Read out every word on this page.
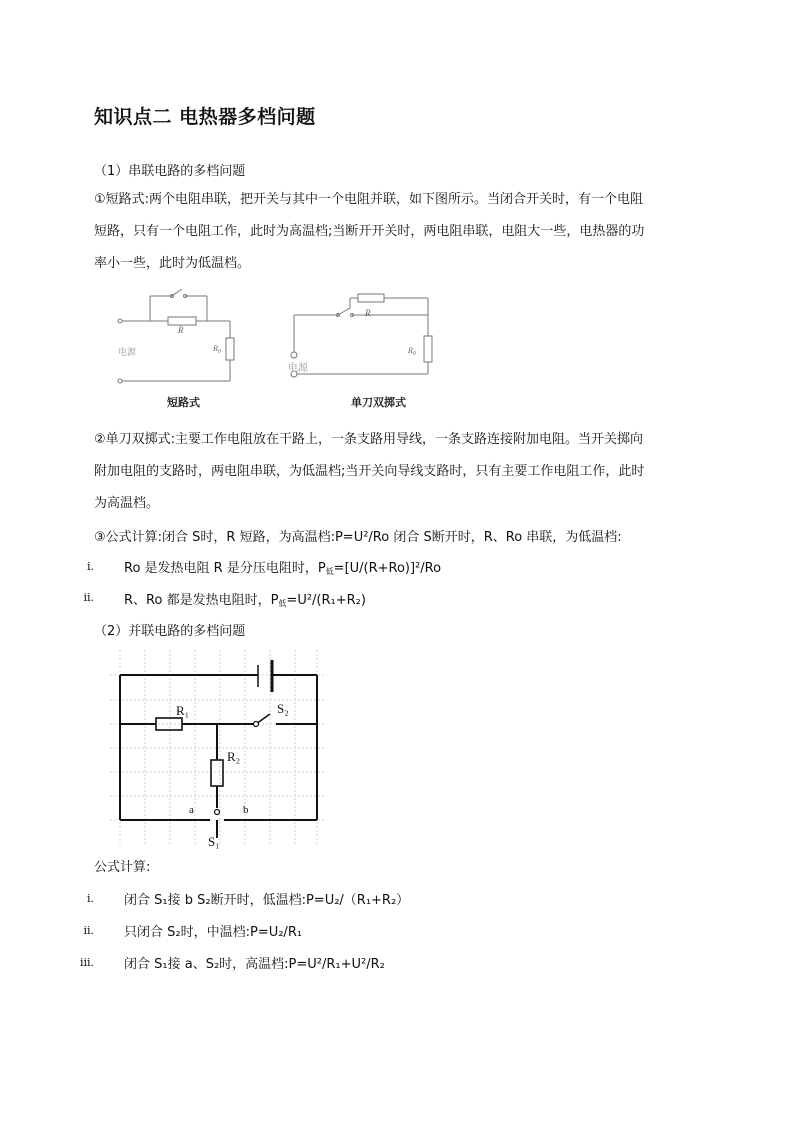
知识点二 电热器多档问题

（1）串联电路的多档问题

①短路式:两个电阻串联，把开关与其中一个电阻并联，如下图所示。当闭合开关时，有一个电阻
短路，只有一个电阻工作，此时为高温档;当断开开关时，两电阻串联，电阻大一些，电热器的功
率小一些，此时为低温档。
R
$R_0$
电源
R
$R_0$
电源
短路式	单刀双掷式
②单刀双掷式:主要工作电阻放在干路上，一条支路用导线，一条支路连接附加电阻。当开关掷向
附加电阻的支路时，两电阻串联，为低温档;当开关向导线支路时，只有主要工作电阻工作，此时
为高温档。

③公式计算:闭合 S时，R 短路，为高温档:P=U²/Ro 闭合 S断开时，R、Ro 串联，为低温档:

i. Ro 是发热电阻 R 是分压电阻时，P低=[U/(R+Ro)]²/Ro
ii. R、Ro 都是发热电阻时，P低=U²/(R₁+R₂)

（2）并联电路的多档问题

R₁	S₂
R₂
a	b
S₁

公式计算:

i. 闭合 S₁接 b S₂断开时，低温档:P=U₂/（R₁+R₂）
ii. 只闭合 S₂时，中温档:P=U₂/R₁
iii. 闭合 S₁接 a、S₂时，高温档:P=U²/R₁+U²/R₂
